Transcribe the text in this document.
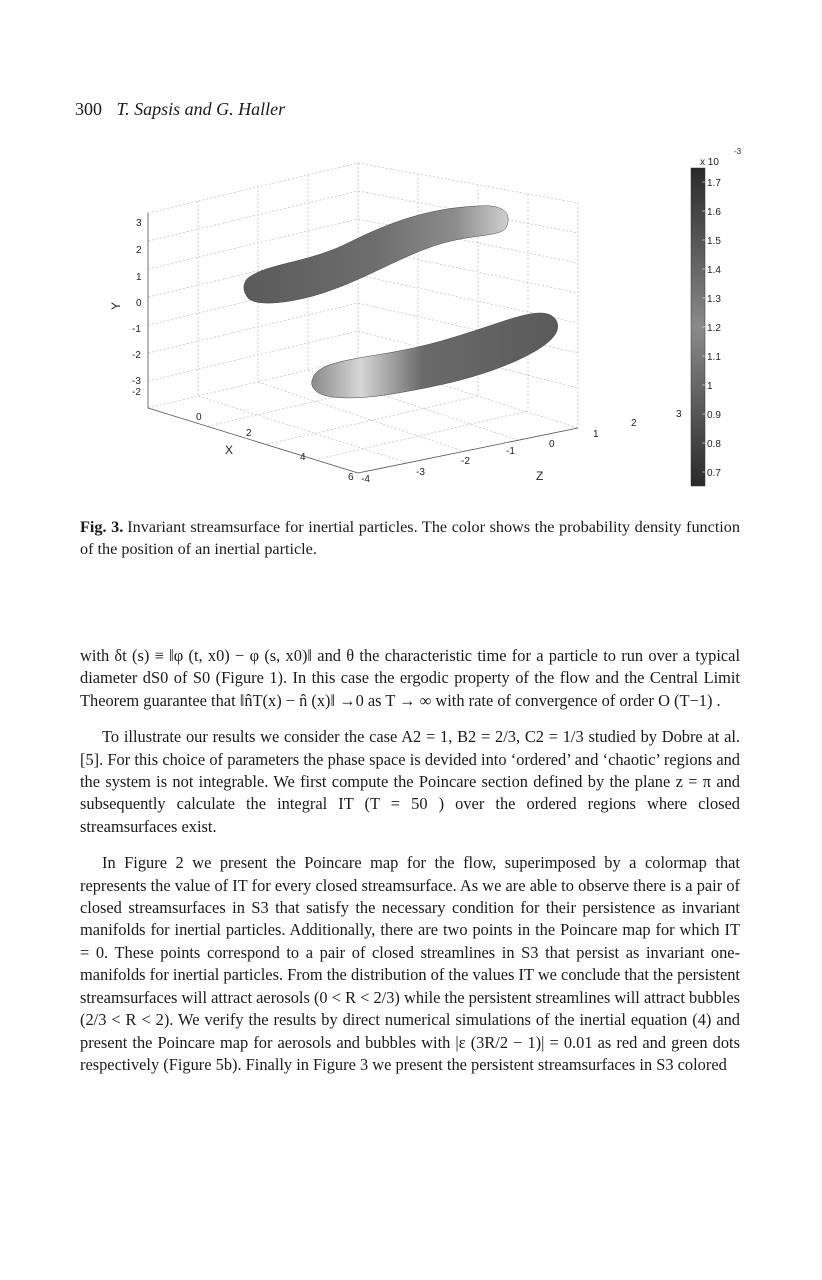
300 T. Sapsis and G. Haller
3
2
1
0
-1
-2
-3
-2
Y
0
2
4
6
X
-4
-3
-2
-1
0
1
2
3
Z
x 10
-3
1.7
1.6
1.5
1.4
1.3
1.2
1.1
1
0.9
0.8
0.7
Fig. 3. Invariant streamsurface for inertial particles. The color shows the probability density function of the position of an inertial particle.

with δt (s) ≡ ‖φ (t, x0) − φ (s, x0)‖ and θ the characteristic time for a particle to run over a typical diameter dS0 of S0 (Figure 1). In this case the ergodic property of the flow and the Central Limit Theorem guarantee that ‖n̂T(x) − n̂ (x)‖ →0 as T → ∞ with rate of convergence of order O (T−1) .

To illustrate our results we consider the case A2 = 1, B2 = 2/3, C2 = 1/3 studied by Dobre at al. [5]. For this choice of parameters the phase space is devided into ‘ordered’ and ‘chaotic’ regions and the system is not integrable. We first compute the Poincare section defined by the plane z = π and subsequently calculate the integral IT (T = 50 ) over the ordered regions where closed streamsurfaces exist.

In Figure 2 we present the Poincare map for the flow, superimposed by a colormap that represents the value of IT for every closed streamsurface. As we are able to observe there is a pair of closed streamsurfaces in S3 that satisfy the necessary condition for their persistence as invariant manifolds for inertial particles. Additionally, there are two points in the Poincare map for which IT = 0. These points correspond to a pair of closed streamlines in S3 that persist as invariant one-manifolds for inertial particles. From the distribution of the values IT we conclude that the persistent streamsurfaces will attract aerosols (0 < R < 2/3) while the persistent streamlines will attract bubbles (2/3 < R < 2). We verify the results by direct numerical simulations of the inertial equation (4) and present the Poincare map for aerosols and bubbles with |ε (3R/2 − 1)| = 0.01 as red and green dots respectively (Figure 5b). Finally in Figure 3 we present the persistent streamsurfaces in S3 colored
